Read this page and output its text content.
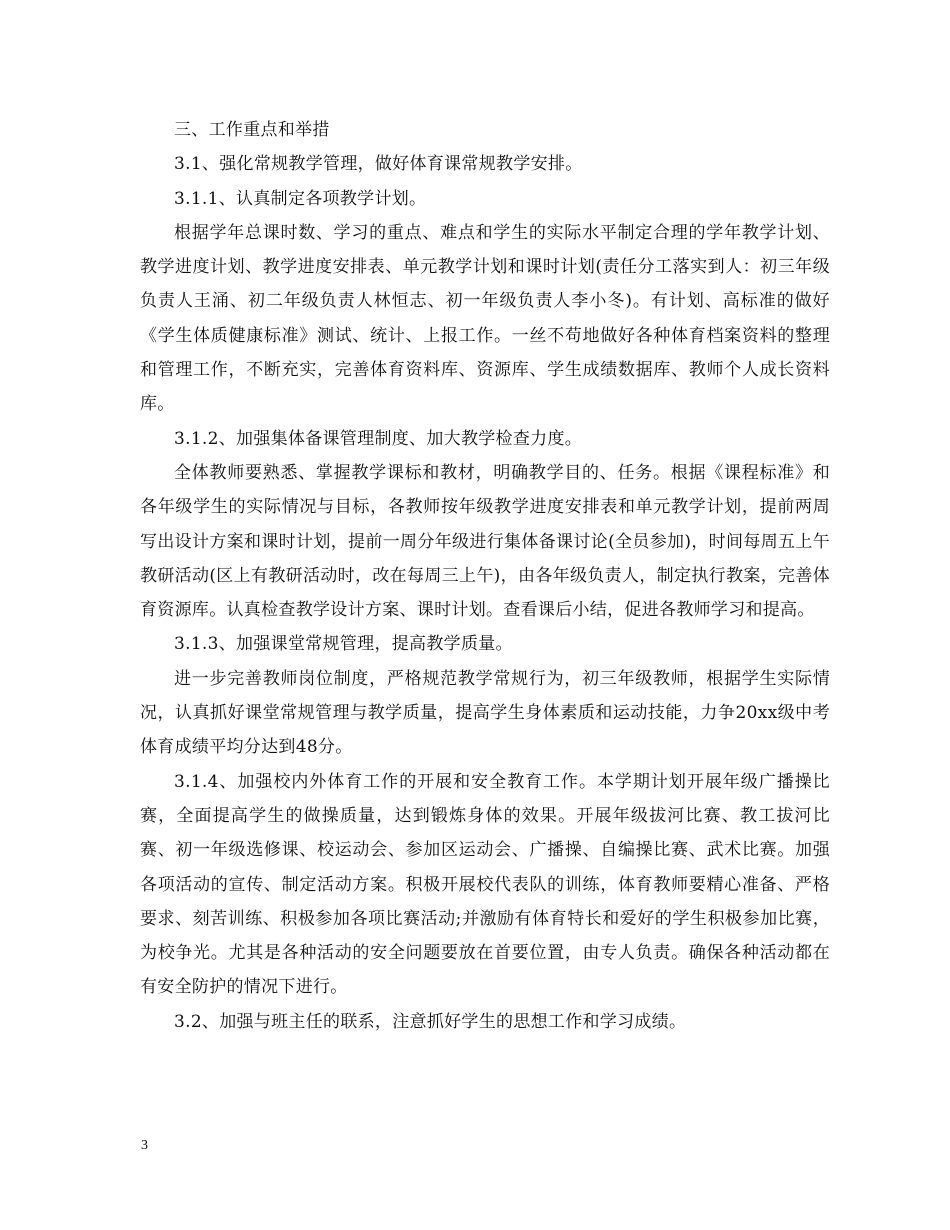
三、工作重点和举措

3.1、强化常规教学管理，做好体育课常规教学安排。

3.1.1、认真制定各项教学计划。

根据学年总课时数、学习的重点、难点和学生的实际水平制定合理的学年教学计划、教学进度计划、教学进度安排表、单元教学计划和课时计划(责任分工落实到人：初三年级负责人王涌、初二年级负责人林恒志、初一年级负责人李小冬)。有计划、高标准的做好《学生体质健康标准》测试、统计、上报工作。一丝不苟地做好各种体育档案资料的整理和管理工作，不断充实，完善体育资料库、资源库、学生成绩数据库、教师个人成长资料库。

3.1.2、加强集体备课管理制度、加大教学检查力度。

全体教师要熟悉、掌握教学课标和教材，明确教学目的、任务。根据《课程标准》和各年级学生的实际情况与目标，各教师按年级教学进度安排表和单元教学计划，提前两周写出设计方案和课时计划，提前一周分年级进行集体备课讨论(全员参加)，时间每周五上午教研活动(区上有教研活动时，改在每周三上午)，由各年级负责人，制定执行教案，完善体育资源库。认真检查教学设计方案、课时计划。查看课后小结，促进各教师学习和提高。

3.1.3、加强课堂常规管理，提高教学质量。

进一步完善教师岗位制度，严格规范教学常规行为，初三年级教师，根据学生实际情况，认真抓好课堂常规管理与教学质量，提高学生身体素质和运动技能，力争20xx级中考体育成绩平均分达到48分。

3.1.4、加强校内外体育工作的开展和安全教育工作。本学期计划开展年级广播操比赛，全面提高学生的做操质量，达到锻炼身体的效果。开展年级拔河比赛、教工拔河比赛、初一年级选修课、校运动会、参加区运动会、广播操、自编操比赛、武术比赛。加强各项活动的宣传、制定活动方案。积极开展校代表队的训练，体育教师要精心准备、严格要求、刻苦训练、积极参加各项比赛活动;并激励有体育特长和爱好的学生积极参加比赛，为校争光。尤其是各种活动的安全问题要放在首要位置，由专人负责。确保各种活动都在有安全防护的情况下进行。

3.2、加强与班主任的联系，注意抓好学生的思想工作和学习成绩。

3
